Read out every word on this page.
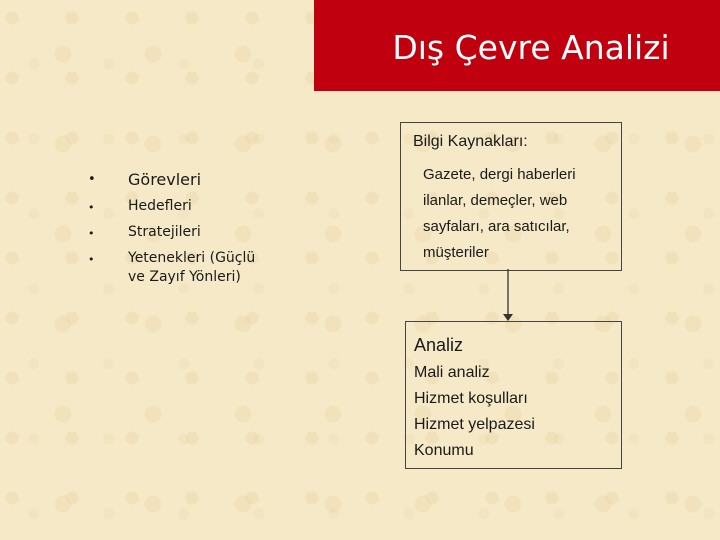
Dış Çevre Analizi
•	Görevleri
•	Hedefleri
•	Stratejileri
•	Yetenekleri (Güçlü ve Zayıf Yönleri)
Bilgi Kaynakları:
Gazete, dergi haberleri
ilanlar, demeçler, web
sayfaları, ara satıcılar,
müşteriler
Analiz
Mali analiz
Hizmet koşulları
Hizmet yelpazesi
Konumu
